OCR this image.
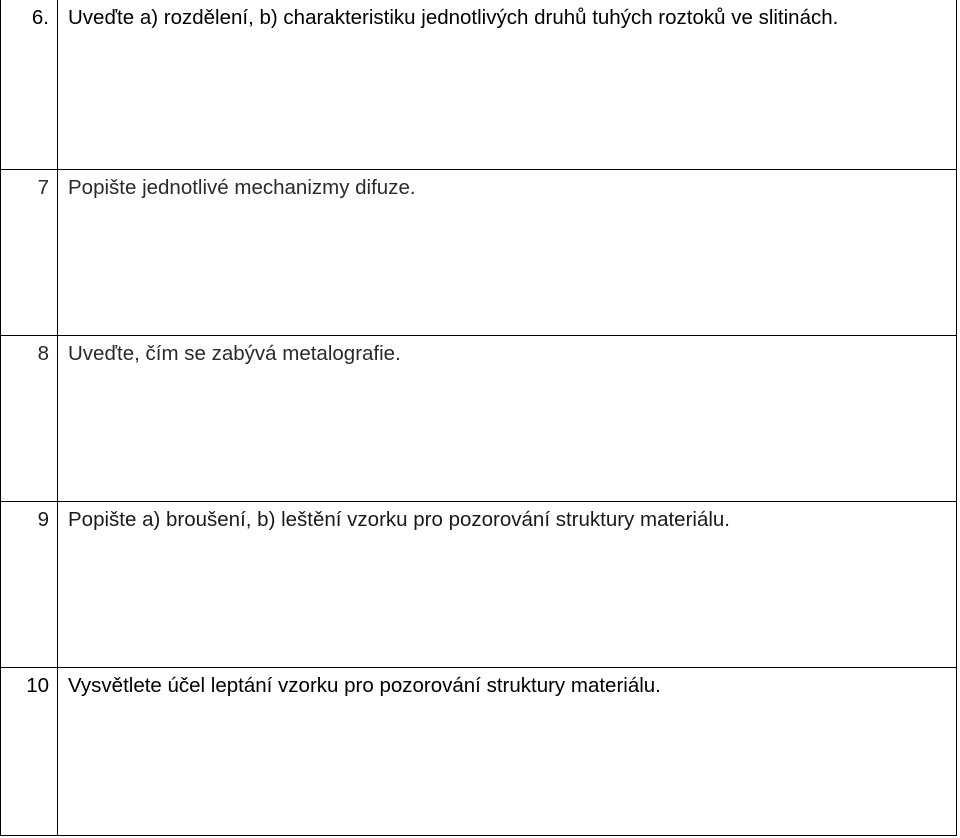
6.	Uveďte a) rozdělení, b) charakteristiku jednotlivých druhů tuhých roztoků ve slitinách.

7	Popište jednotlivé mechanizmy difuze.

8	Uveďte, čím se zabývá metalografie.

9	Popište a) broušení, b) leštění vzorku pro pozorování struktury materiálu.

10	Vysvětlete účel leptání vzorku pro pozorování struktury materiálu.
